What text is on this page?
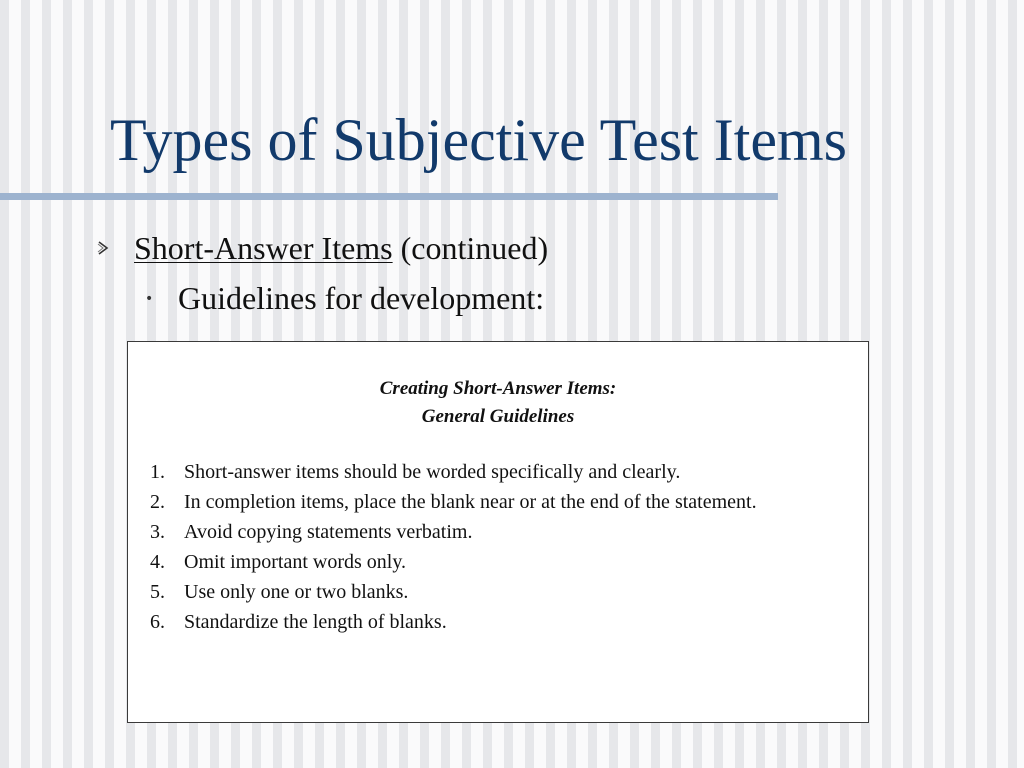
Types of Subjective Test Items
Short-Answer Items (continued)
• Guidelines for development:
Creating Short-Answer Items:
General Guidelines
1. Short-answer items should be worded specifically and clearly.
2. In completion items, place the blank near or at the end of the statement.
3. Avoid copying statements verbatim.
4. Omit important words only.
5. Use only one or two blanks.
6. Standardize the length of blanks.
